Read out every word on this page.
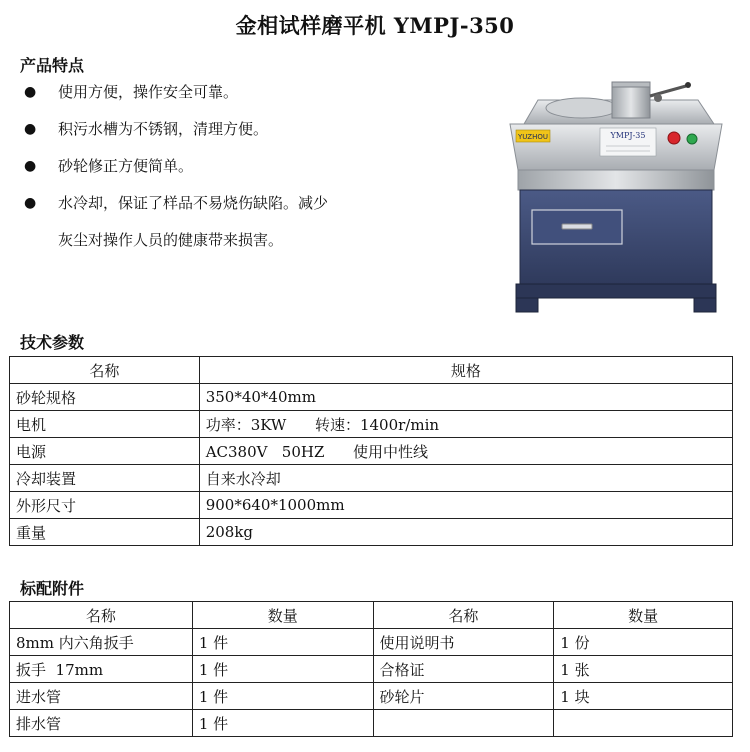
金相试样磨平机 YMPJ-350
产品特点
●	使用方便，操作安全可靠。
●	积污水槽为不锈钢，清理方便。
●	砂轮修正方便简单。
●	水冷却，保证了样品不易烧伤缺陷。减少
灰尘对操作人员的健康带来损害。
YUZHOU	YMPJ-35
技术参数
名称	规格
砂轮规格	350*40*40mm
电机	功率：3KW      转速：1400r/min
电源	AC380V   50HZ      使用中性线
冷却装置	自来水冷却
外形尺寸	900*640*1000mm
重量	208kg
标配附件
名称	数量	名称	数量
8mm 内六角扳手	1 件	使用说明书	1 份
扳手  17mm	1 件	合格证	1 张
进水管	1 件	砂轮片	1 块
排水管	1 件		
